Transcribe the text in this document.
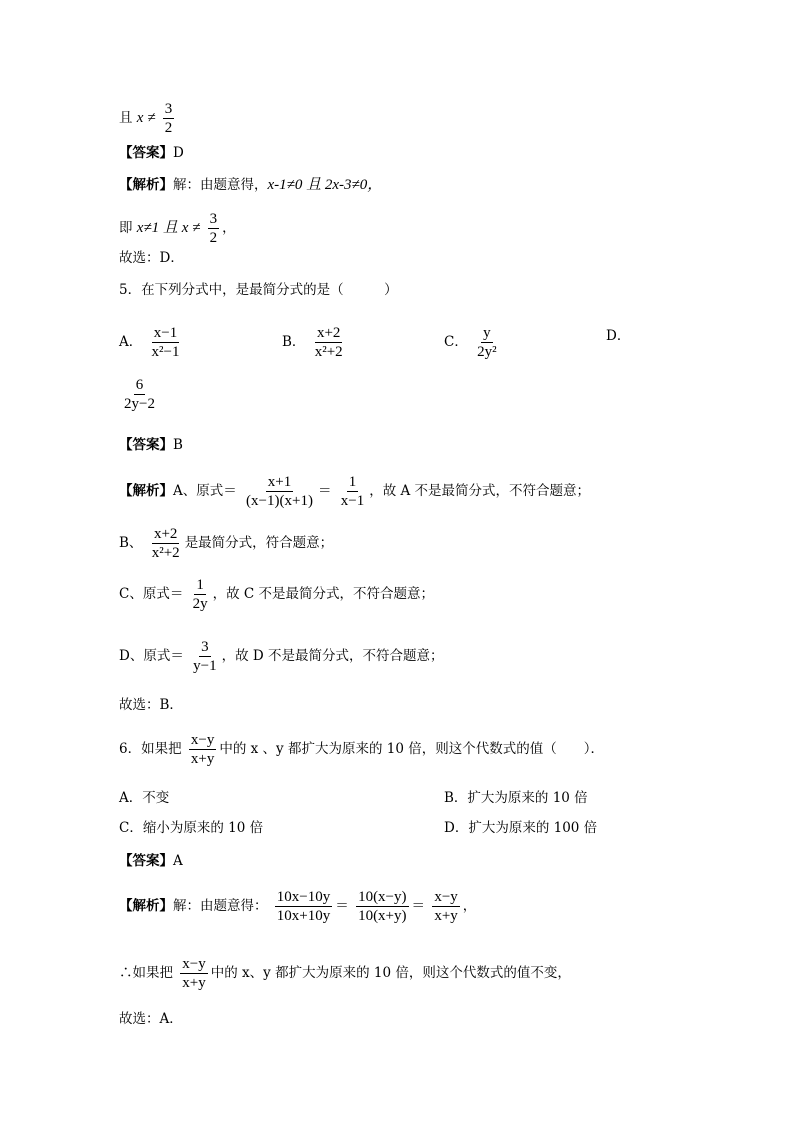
且 $x \ne \frac{3}{2}$
【答案】D
【解析】解：由题意得，x-1≠0 且 2x-3≠0，
即 x≠1 且 $x \ne \frac{3}{2}$ ，
故选：D．
5．在下列分式中，是最简分式的是（　　　）
A． $\frac{x-1}{\text{x²−1}}$	B． $\frac{x+2}{\text{x²+2}}$	C． $\frac{y}{\text{2y²}}$	D．
$\frac{6}{2y-2}$
【答案】B
【解析】A、原式＝ $\frac{x+1}{(x-1)(x+1)} = \frac{1}{x-1}$ ，故 A 不是最简分式，不符合题意；
B、 $\frac{x+2}{\text{x²+2}}$ 是最简分式，符合题意；
C、原式＝ $\frac{1}{2y}$ ，故 C 不是最简分式，不符合题意；
D、原式＝ $\frac{3}{y-1}$ ，故 D 不是最简分式，不符合题意；
故选：B．
6．如果把 $\frac{x-y}{x+y}$ 中的 x 、y 都扩大为原来的 10 倍，则这个代数式的值（　　）．
A．不变	B．扩大为原来的 10 倍
C．缩小为原来的 10 倍	D．扩大为原来的 100 倍
【答案】A
【解析】解：由题意得： $\frac{10x-10y}{10x+10y} = \frac{10(x-y)}{10(x+y)} = \frac{x-y}{x+y}$ ，
∴如果把 $\frac{x-y}{x+y}$ 中的 x、y 都扩大为原来的 10 倍，则这个代数式的值不变，
故选：A．
